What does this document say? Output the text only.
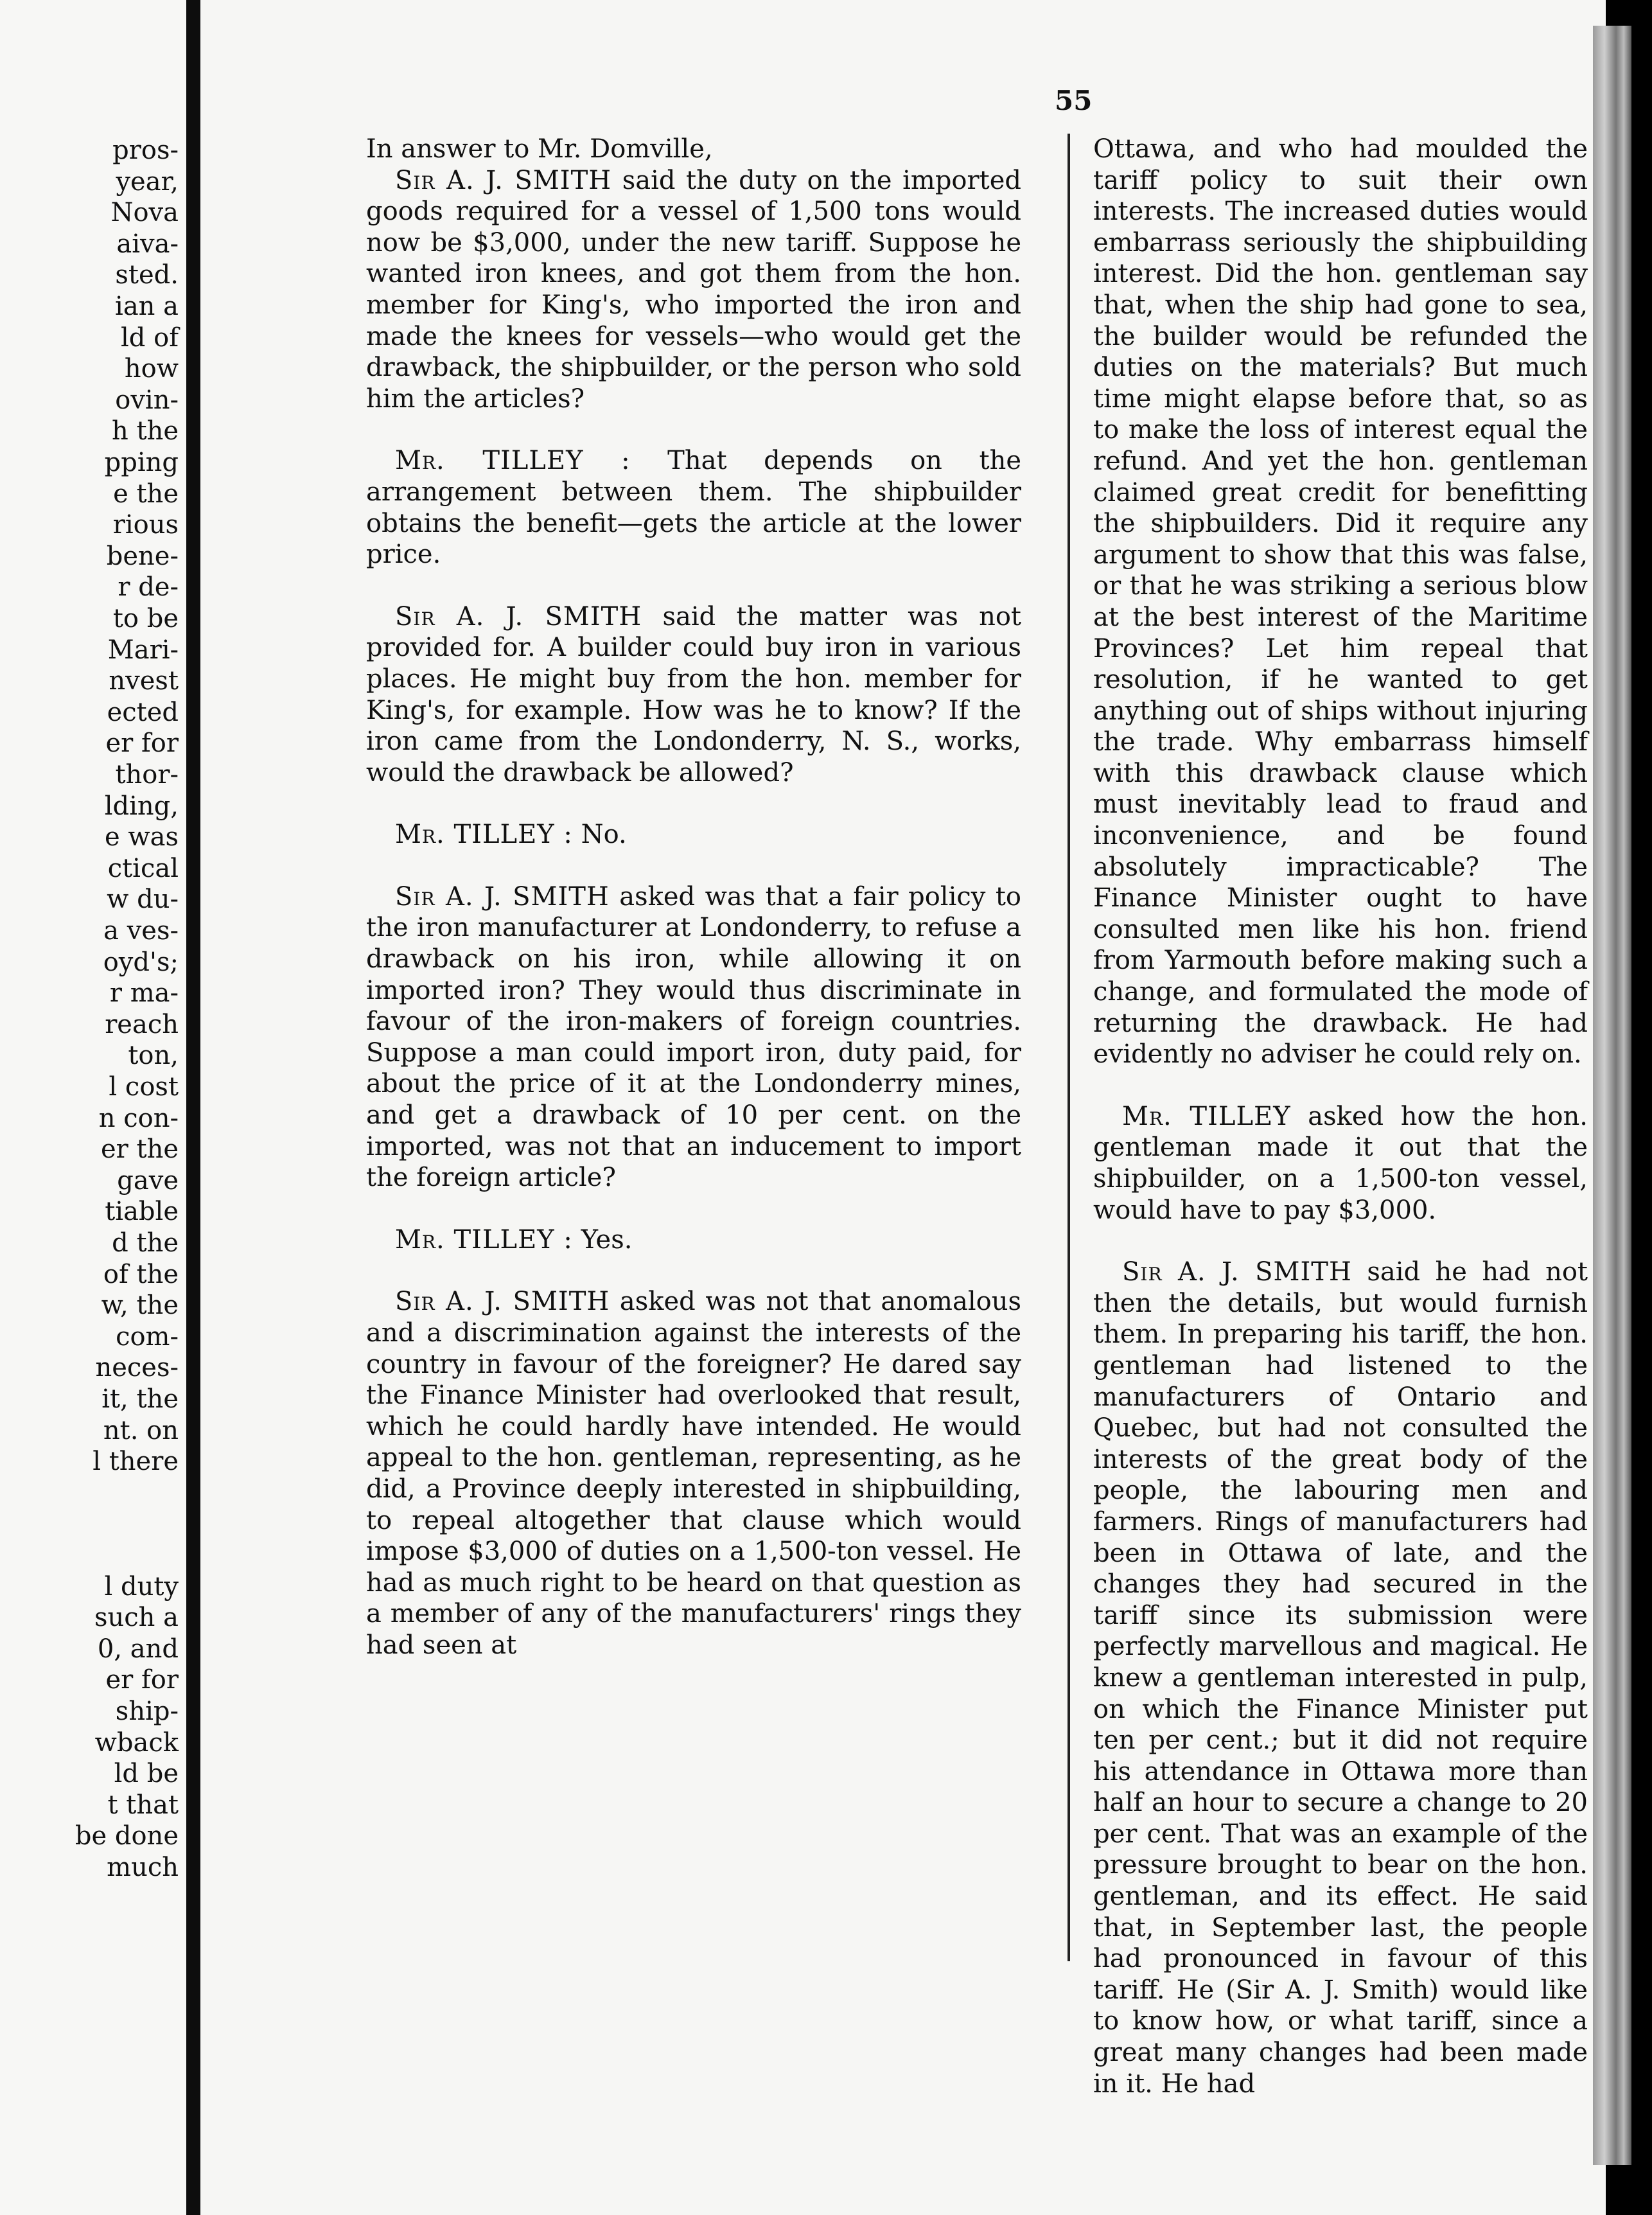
pros-
year,
Nova
aiva-
sted.
ian a
ld of
how
ovin-
h the
pping
e the
rious
bene-
r de-
to be
Mari-
nvest
ected
er for
thor-
lding,
e was
ctical
w du-
a ves-
oyd's;
r ma-
reach
ton,
l cost
n con-
er the
gave
tiable
d the
of the
w, the
com-
neces-
it, the
nt. on
l there
l duty
such a
0, and
er for
ship-
wback
ld be
t that
be done
much
55

In answer to Mr. Domville,

Sir A. J. SMITH said the duty on the imported goods required for a vessel of 1,500 tons would now be $3,000, under the new tariff. Suppose he wanted iron knees, and got them from the hon. member for King's, who imported the iron and made the knees for vessels—who would get the drawback, the shipbuilder, or the person who sold him the articles?

Mr. TILLEY : That depends on the arrangement between them. The shipbuilder obtains the benefit—gets the article at the lower price.

Sir A. J. SMITH said the matter was not provided for. A builder could buy iron in various places. He might buy from the hon. member for King's, for example. How was he to know? If the iron came from the Londonderry, N. S., works, would the drawback be allowed?

Mr. TILLEY : No.

Sir A. J. SMITH asked was that a fair policy to the iron manufacturer at Londonderry, to refuse a drawback on his iron, while allowing it on imported iron? They would thus discriminate in favour of the iron-makers of foreign countries. Suppose a man could import iron, duty paid, for about the price of it at the Londonderry mines, and get a drawback of 10 per cent. on the imported, was not that an inducement to import the foreign article?

Mr. TILLEY : Yes.

Sir A. J. SMITH asked was not that anomalous and a discrimination against the interests of the country in favour of the foreigner? He dared say the Finance Minister had overlooked that result, which he could hardly have intended. He would appeal to the hon. gentleman, representing, as he did, a Province deeply interested in shipbuilding, to repeal altogether that clause which would impose $3,000 of duties on a 1,500-ton vessel. He had as much right to be heard on that question as a member of any of the manufacturers' rings they had seen at

Ottawa, and who had moulded the tariff policy to suit their own interests. The increased duties would embarrass seriously the shipbuilding interest. Did the hon. gentleman say that, when the ship had gone to sea, the builder would be refunded the duties on the materials? But much time might elapse before that, so as to make the loss of interest equal the refund. And yet the hon. gentleman claimed great credit for benefitting the shipbuilders. Did it require any argument to show that this was false, or that he was striking a serious blow at the best interest of the Maritime Provinces? Let him repeal that resolution, if he wanted to get anything out of ships without injuring the trade. Why embarrass himself with this drawback clause which must inevitably lead to fraud and inconvenience, and be found absolutely impracticable? The Finance Minister ought to have consulted men like his hon. friend from Yarmouth before making such a change, and formulated the mode of returning the drawback. He had evidently no adviser he could rely on.

Mr. TILLEY asked how the hon. gentleman made it out that the shipbuilder, on a 1,500-ton vessel, would have to pay $3,000.

Sir A. J. SMITH said he had not then the details, but would furnish them. In preparing his tariff, the hon. gentleman had listened to the manufacturers of Ontario and Quebec, but had not consulted the interests of the great body of the people, the labouring men and farmers. Rings of manufacturers had been in Ottawa of late, and the changes they had secured in the tariff since its submission were perfectly marvellous and magical. He knew a gentleman interested in pulp, on which the Finance Minister put ten per cent.; but it did not require his attendance in Ottawa more than half an hour to secure a change to 20 per cent. That was an example of the pressure brought to bear on the hon. gentleman, and its effect. He said that, in September last, the people had pronounced in favour of this tariff. He (Sir A. J. Smith) would like to know how, or what tariff, since a great many changes had been made in it. He had
